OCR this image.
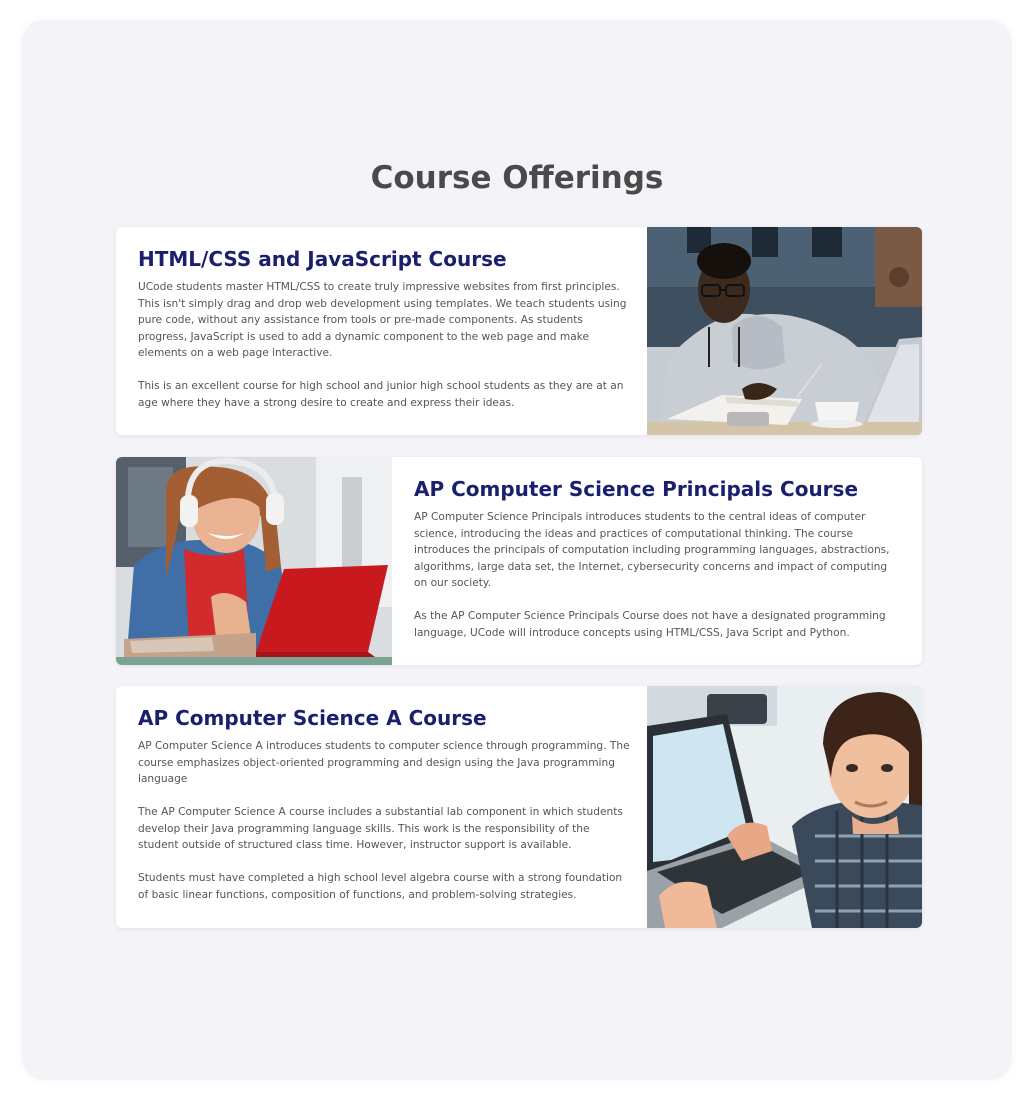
Course Offerings
HTML/CSS and JavaScript Course

UCode students master HTML/CSS to create truly impressive websites from first principles. This isn't simply drag and drop web development using templates. We teach students using pure code, without any assistance from tools or pre-made components. As students progress, JavaScript is used to add a dynamic component to the web page and make elements on a web page interactive.

This is an excellent course for high school and junior high school students as they are at an age where they have a strong desire to create and express their ideas.

AP Computer Science Principals Course

AP Computer Science Principals introduces students to the central ideas of computer science, introducing the ideas and practices of computational thinking. The course introduces the principals of computation including programming languages, abstractions, algorithms, large data set, the Internet, cybersecurity concerns and impact of computing on our society.

As the AP Computer Science Principals Course does not have a designated programming language, UCode will introduce concepts using HTML/CSS, Java Script and Python.

AP Computer Science A Course

AP Computer Science A introduces students to computer science through programming. The course emphasizes object-oriented programming and design using the Java programming language

The AP Computer Science A course includes a substantial lab component in which students develop their Java programming language skills. This work is the responsibility of the student outside of structured class time. However, instructor support is available.

Students must have completed a high school level algebra course with a strong foundation of basic linear functions, composition of functions, and problem-solving strategies.
